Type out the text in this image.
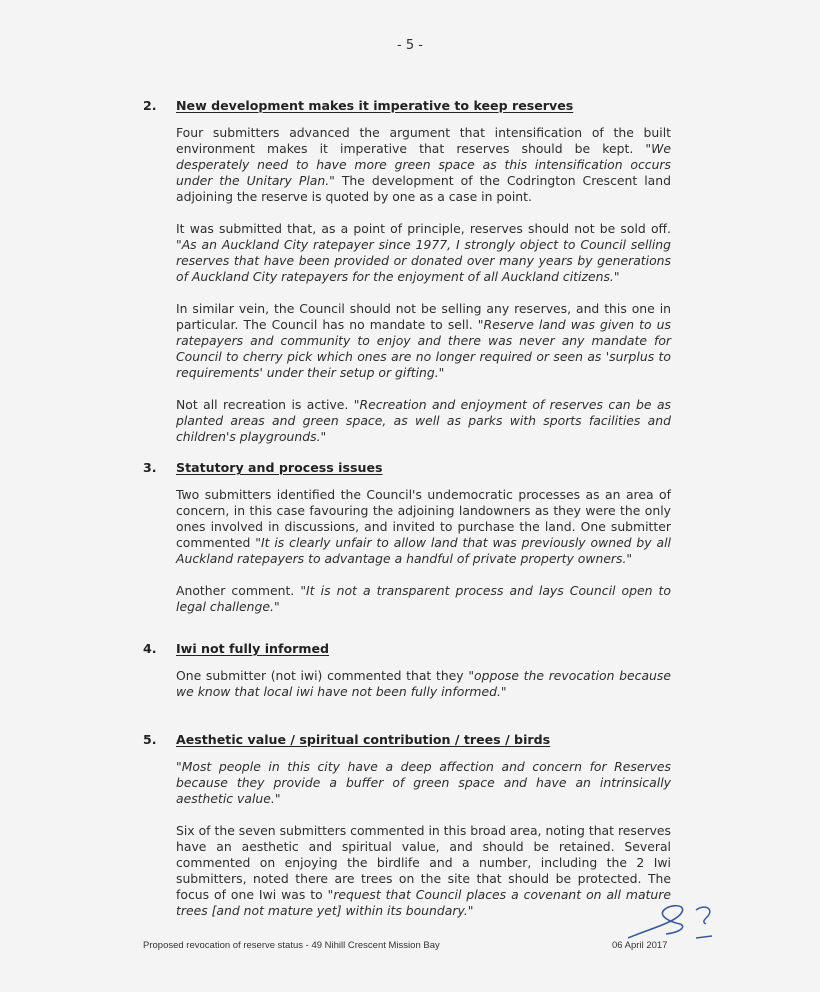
- 5 -
2.	New development makes it imperative to keep reserves

Four submitters advanced the argument that intensification of the built environment makes it imperative that reserves should be kept. "We desperately need to have more green space as this intensification occurs under the Unitary Plan." The development of the Codrington Crescent land adjoining the reserve is quoted by one as a case in point.

It was submitted that, as a point of principle, reserves should not be sold off. "As an Auckland City ratepayer since 1977, I strongly object to Council selling reserves that have been provided or donated over many years by generations of Auckland City ratepayers for the enjoyment of all Auckland citizens."

In similar vein, the Council should not be selling any reserves, and this one in particular. The Council has no mandate to sell. "Reserve land was given to us ratepayers and community to enjoy and there was never any mandate for Council to cherry pick which ones are no longer required or seen as 'surplus to requirements' under their setup or gifting."

Not all recreation is active. "Recreation and enjoyment of reserves can be as planted areas and green space, as well as parks with sports facilities and children's playgrounds."

3.	Statutory and process issues

Two submitters identified the Council's undemocratic processes as an area of concern, in this case favouring the adjoining landowners as they were the only ones involved in discussions, and invited to purchase the land. One submitter commented "It is clearly unfair to allow land that was previously owned by all Auckland ratepayers to advantage a handful of private property owners."

Another comment. "It is not a transparent process and lays Council open to legal challenge."

4.	Iwi not fully informed

One submitter (not iwi) commented that they "oppose the revocation because we know that local iwi have not been fully informed."

5.	Aesthetic value / spiritual contribution / trees / birds

"Most people in this city have a deep affection and concern for Reserves because they provide a buffer of green space and have an intrinsically aesthetic value."

Six of the seven submitters commented in this broad area, noting that reserves have an aesthetic and spiritual value, and should be retained. Several commented on enjoying the birdlife and a number, including the 2 Iwi submitters, noted there are trees on the site that should be protected. The focus of one Iwi was to "request that Council places a covenant on all mature trees [and not mature yet] within its boundary."

Proposed revocation of reserve status - 49 Nihill Crescent Mission Bay	06 April 2017
